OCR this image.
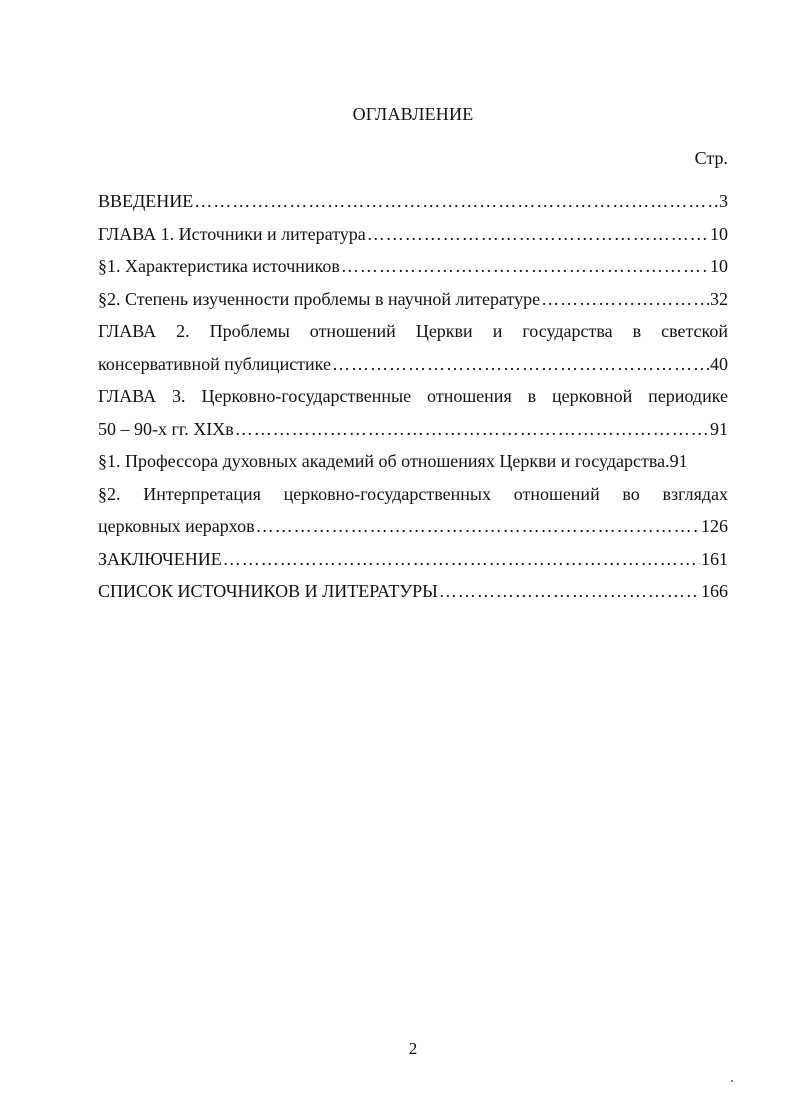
ОГЛАВЛЕНИЕ
Стр.
ВВЕДЕНИЕ ……………………………………………………………………………………………………………………………………………………………………………………………………………………	3
ГЛАВА 1. Источники и литература ……………………………………………………………………………………………………………………………………………………………………………………………………………………	10
§1. Характеристика источников ……………………………………………………………………………………………………………………………………………………………………………………………………………………	10
§2. Степень изученности проблемы в научной литературе ……………………………………………………………………………………………………………………………………………………………………………………………………………………	32
ГЛАВА 2. Проблемы отношений Церкви и государства в светской
консервативной публицистике ……………………………………………………………………………………………………………………………………………………………………………………………………………………	40
ГЛАВА 3. Церковно-государственные отношения в церковной периодике
50 – 90-х гг. XIXв ……………………………………………………………………………………………………………………………………………………………………………………………………………………	91
§1. Профессора духовных академий об отношениях Церкви и государства. 91
§2. Интерпретация церковно-государственных отношений во взглядах
церковных иерархов ……………………………………………………………………………………………………………………………………………………………………………………………………………………	126
ЗАКЛЮЧЕНИЕ ……………………………………………………………………………………………………………………………………………………………………………………………………………………	161
СПИСОК ИСТОЧНИКОВ И ЛИТЕРАТУРЫ ……………………………………………………………………………………………………………………………………………………………………………………………………………………	166
2
